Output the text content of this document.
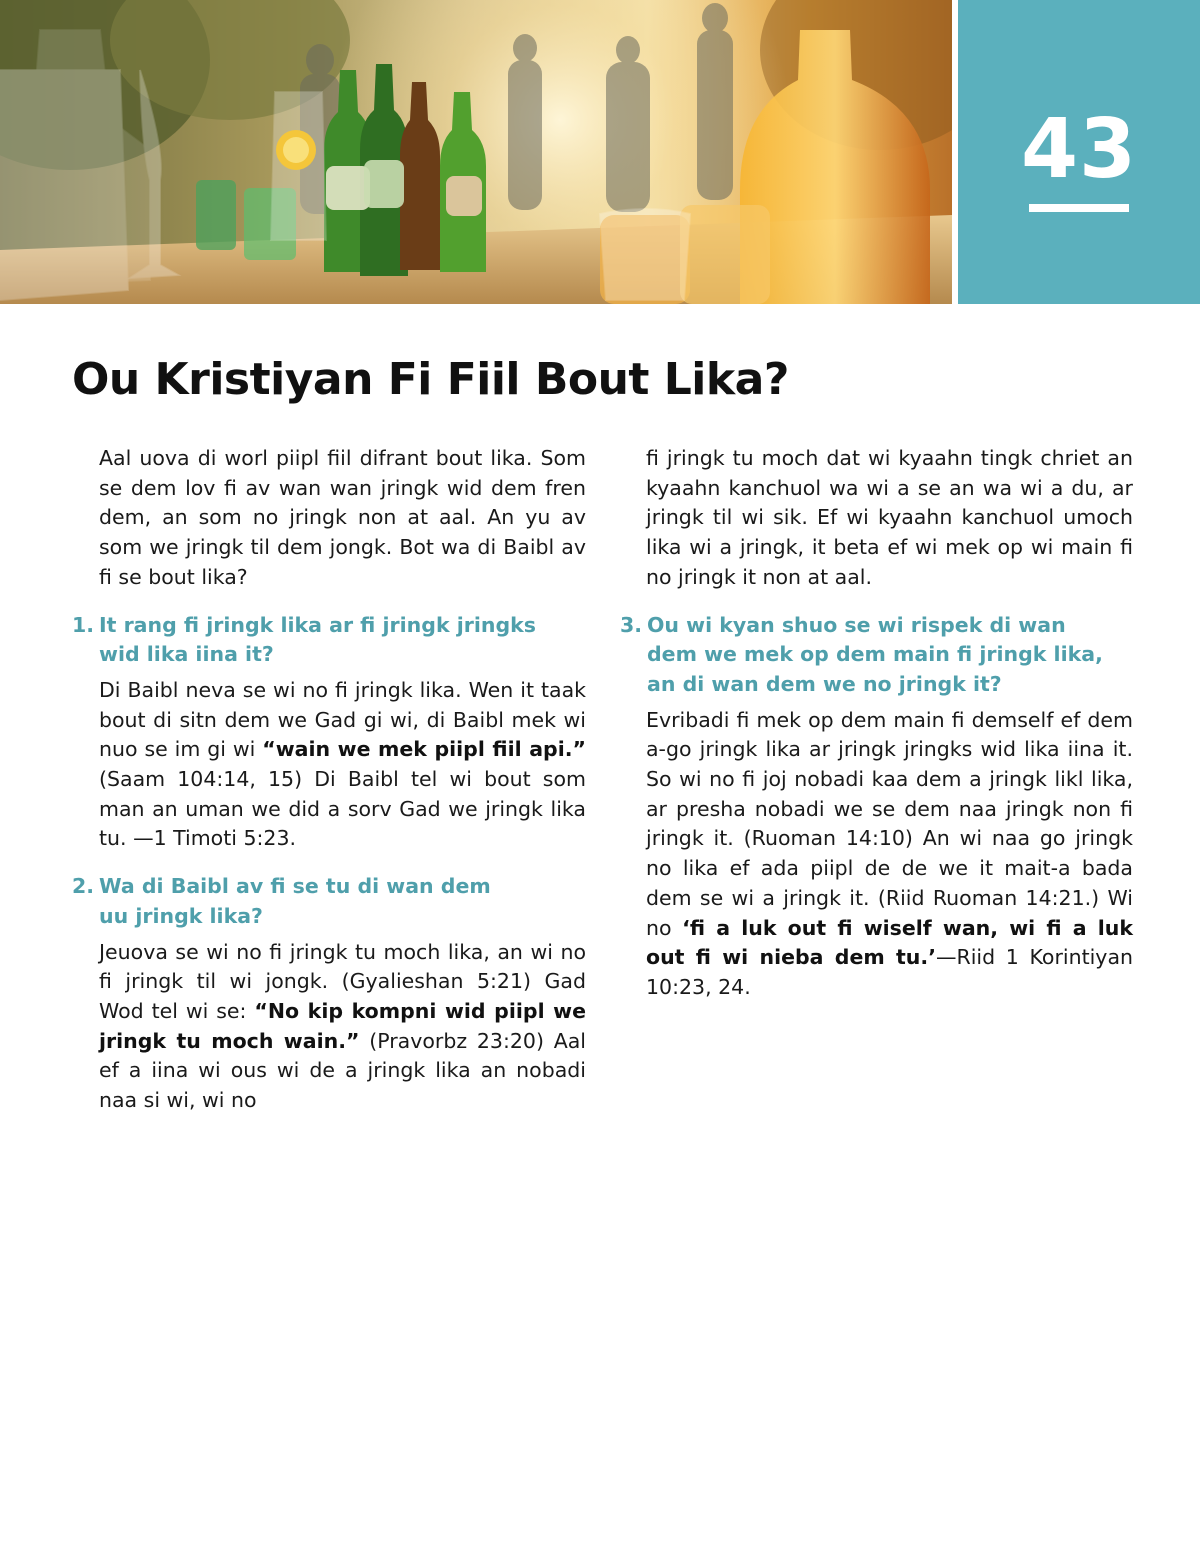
43
Ou Kristiyan Fi Fiil Bout Lika?

Aal uova di worl piipl fiil difrant bout lika. Som se dem lov fi av wan wan jringk wid dem fren dem, an som no jringk non at aal. An yu av som we jringk til dem jongk. Bot wa di Baibl av fi se bout lika?

1. It rang fi jringk lika ar fi jringk jringks
wid lika iina it?

Di Baibl neva se wi no fi jringk lika. Wen it taak bout di sitn dem we Gad gi wi, di Baibl mek wi nuo se im gi wi “wain we mek piipl fiil api.” (Saam 104:14, 15) Di Baibl tel wi bout som man an uman we did a sorv Gad we jringk lika tu. —1 Timoti 5:23.

2. Wa di Baibl av fi se tu di wan dem
uu jringk lika?

Jeuova se wi no fi jringk tu moch lika, an wi no fi jringk til wi jongk. (Gyalieshan 5:21) Gad Wod tel wi se: “No kip kompni wid piipl we jringk tu moch wain.” (Pravorbz 23:20) Aal ef a iina wi ous wi de a jringk lika an nobadi naa si wi, wi no

fi jringk tu moch dat wi kyaahn tingk chriet an kyaahn kanchuol wa wi a se an wa wi a du, ar jringk til wi sik. Ef wi kyaahn kanchuol umoch lika wi a jringk, it beta ef wi mek op wi main fi no jringk it non at aal.

3. Ou wi kyan shuo se wi rispek di wan
dem we mek op dem main fi jringk lika,
an di wan dem we no jringk it?

Evribadi fi mek op dem main fi demself ef dem a-go jringk lika ar jringk jringks wid lika iina it. So wi no fi joj nobadi kaa dem a jringk likl lika, ar presha nobadi we se dem naa jringk non fi jringk it. (Ruoman 14:10) An wi naa go jringk no lika ef ada piipl de de we it mait-a bada dem se wi a jringk it. (Riid Ruoman 14:21.) Wi no ‘fi a luk out fi wiself wan, wi fi a luk out fi wi nieba dem tu.’—Riid 1 Korintiyan 10:23, 24.
